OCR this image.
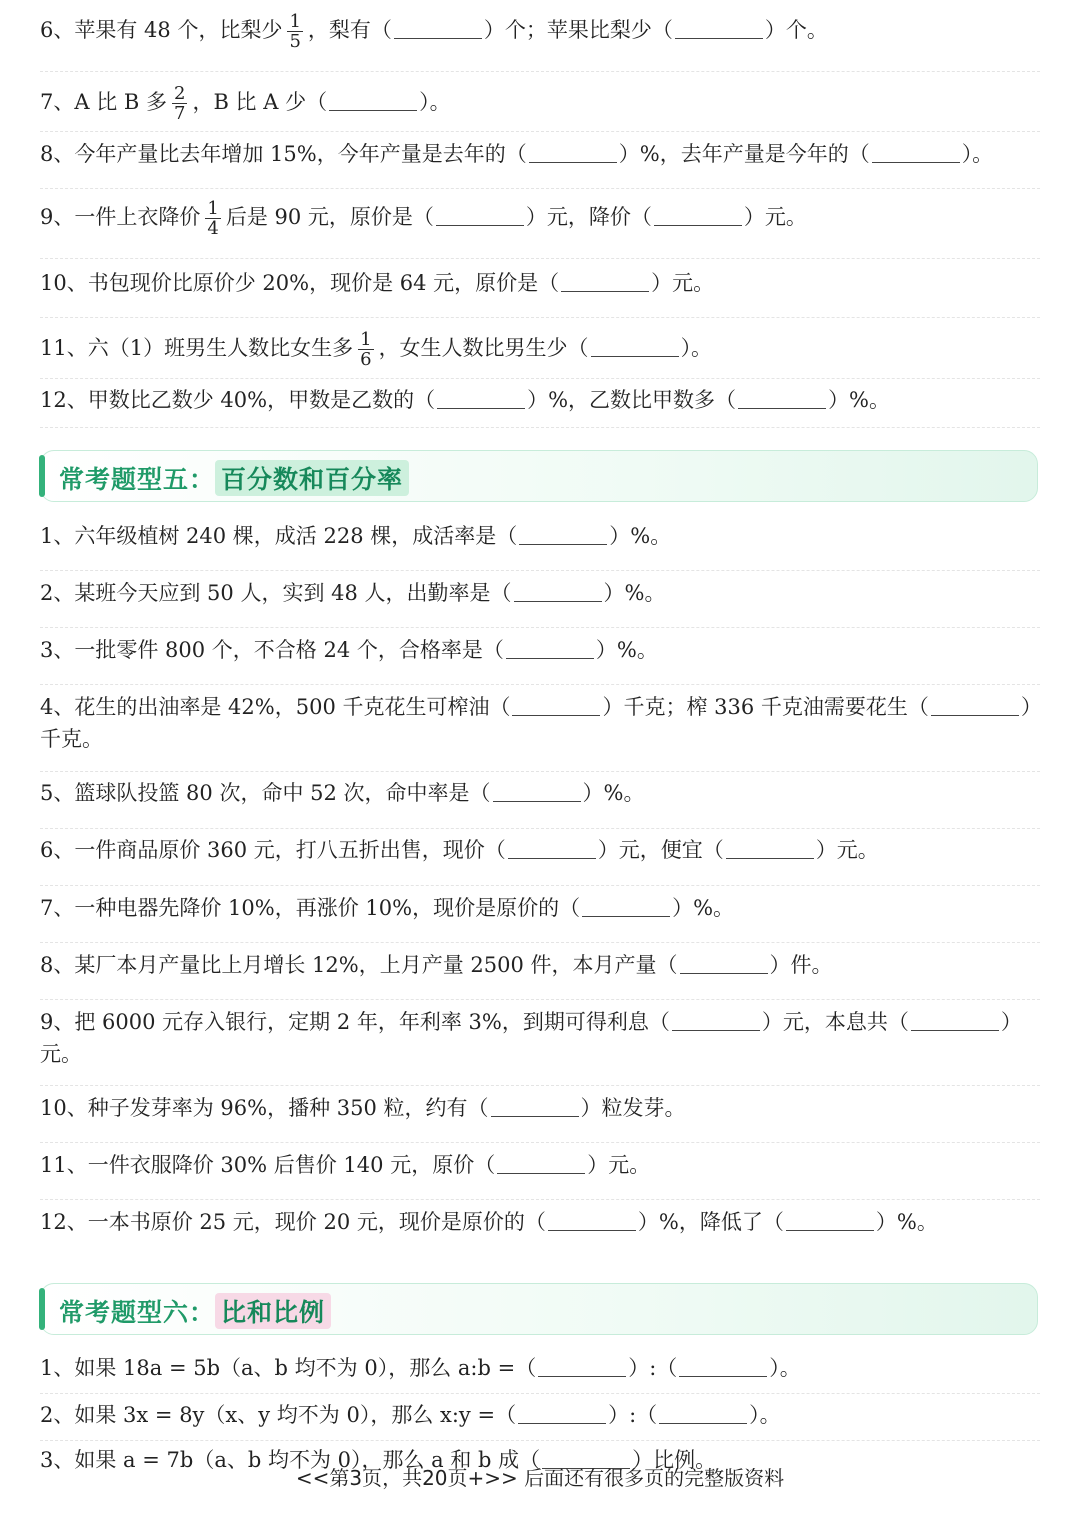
6、苹果有 48 个，比梨少 $\frac{1}{5}$ ，梨有（	）个；苹果比梨少（	）个。
7、A 比 B 多 $\frac{2}{7}$ ，B 比 A 少（	）。
8、今年产量比去年增加 15%，今年产量是去年的（	）%，去年产量是今年的（	）。
9、一件上衣降价 $\frac{1}{4}$ 后是 90 元，原价是（	）元，降价（	）元。
10、书包现价比原价少 20%，现价是 64 元，原价是（	）元。
11、六（1）班男生人数比女生多 $\frac{1}{6}$ ，女生人数比男生少（	）。
12、甲数比乙数少 40%，甲数是乙数的（	）%，乙数比甲数多（	）%。
常考题型五： 百分数和百分率
1、六年级植树 240 棵，成活 228 棵，成活率是（	）%。
2、某班今天应到 50 人，实到 48 人，出勤率是（	）%。
3、一批零件 800 个，不合格 24 个，合格率是（	）%。
4、花生的出油率是 42%，500 千克花生可榨油（	）千克；榨 336 千克油需要花生（	）千克。
5、篮球队投篮 80 次，命中 52 次，命中率是（	）%。
6、一件商品原价 360 元，打八五折出售，现价（	）元，便宜（	）元。
7、一种电器先降价 10%，再涨价 10%，现价是原价的（	）%。
8、某厂本月产量比上月增长 12%，上月产量 2500 件，本月产量（	）件。
9、把 6000 元存入银行，定期 2 年，年利率 3%，到期可得利息（	）元，本息共（	）元。
10、种子发芽率为 96%，播种 350 粒，约有（	）粒发芽。
11、一件衣服降价 30% 后售价 140 元，原价（	）元。
12、一本书原价 25 元，现价 20 元，现价是原价的（	）%，降低了（	）%。
常考题型六： 比和比例
1、如果 18a = 5b（a、b 均不为 0），那么 a:b =（	）:（	）。
2、如果 3x = 8y（x、y 均不为 0），那么 x:y =（	）:（	）。
3、如果 a = 7b（a、b 均不为 0），那么 a 和 b 成（	）比例。
<<第3页，共20页+>> 后面还有很多页的完整版资料
